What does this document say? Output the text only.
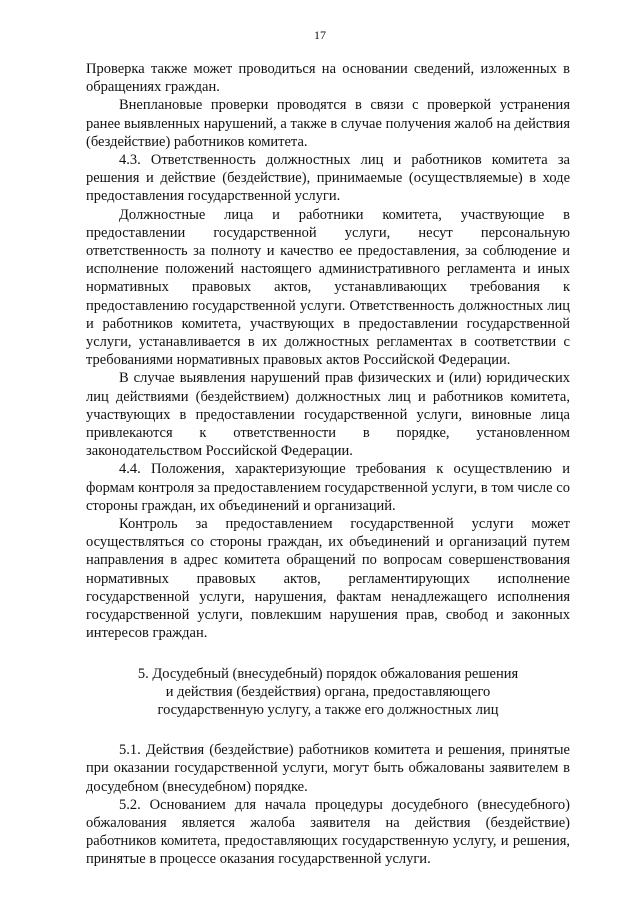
17

Проверка также может проводиться на основании сведений, изложенных в обращениях граждан.

Внеплановые проверки проводятся в связи с проверкой устранения ранее выявленных нарушений, а также в случае получения жалоб на действия (бездействие) работников комитета.

4.3. Ответственность должностных лиц и работников комитета за решения и действие (бездействие), принимаемые (осуществляемые) в ходе предоставления государственной услуги.

Должностные лица и работники комитета, участвующие в предоставлении государственной услуги, несут персональную ответственность за полноту и качество ее предоставления, за соблюдение и исполнение положений настоящего административного регламента и иных нормативных правовых актов, устанавливающих требования к предоставлению государственной услуги. Ответственность должностных лиц и работников комитета, участвующих в предоставлении государственной услуги, устанавливается в их должностных регламентах в соответствии с требованиями нормативных правовых актов Российской Федерации.

В случае выявления нарушений прав физических и (или) юридических лиц действиями (бездействием) должностных лиц и работников комитета, участвующих в предоставлении государственной услуги, виновные лица привлекаются к ответственности в порядке, установленном законодательством Российской Федерации.

4.4. Положения, характеризующие требования к осуществлению и формам контроля за предоставлением государственной услуги, в том числе со стороны граждан, их объединений и организаций.

Контроль за предоставлением государственной услуги может осуществляться со стороны граждан, их объединений и организаций путем направления в адрес комитета обращений по вопросам совершенствования нормативных правовых актов, регламентирующих исполнение государственной услуги, нарушения, фактам ненадлежащего исполнения государственной услуги, повлекшим нарушения прав, свобод и законных интересов граждан.

5. Досудебный (внесудебный) порядок обжалования решения
и действия (бездействия) органа, предоставляющего
государственную услугу, а также его должностных лиц

5.1. Действия (бездействие) работников комитета и решения, принятые при оказании государственной услуги, могут быть обжалованы заявителем в досудебном (внесудебном) порядке.

5.2. Основанием для начала процедуры досудебного (внесудебного) обжалования является жалоба заявителя на действия (бездействие) работников комитета, предоставляющих государственную услугу, и решения, принятые в процессе оказания государственной услуги.
